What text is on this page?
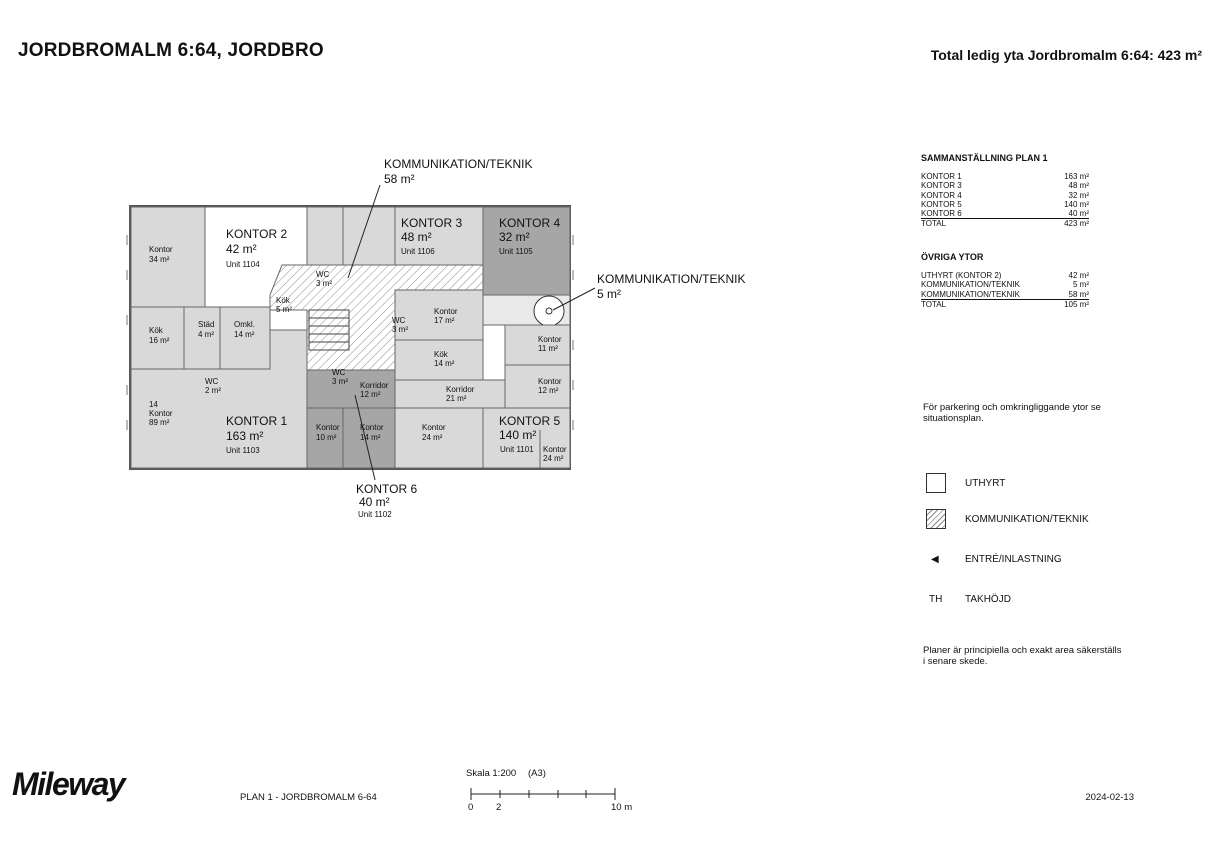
JORDBROMALM 6:64, JORDBRO	Total ledig yta Jordbromalm 6:64: 423 m²
KOMMUNIKATION/TEKNIK
58 m²
KOMMUNIKATION/TEKNIK
5 m²
KONTOR 6
40 m²
Unit 1102
KONTOR 2
42 m²
Unit 1104
KONTOR 3
48 m²
Unit 1106
KONTOR 4
32 m²
Unit 1105
KONTOR 1
163 m²
Unit 1103
KONTOR 5
140 m²
Unit 1101
Kontor
34 m²
Kök
16 m²
Städ
4 m²
Omkl.
14 m²
WC
2 m²
14
Kontor
89 m²
Kök
5 m²
WC
3 m²
WC
3 m²
WC
3 m²
Kontor
17 m²
Kök
14 m²
Korridor
12 m²
Korridor
21 m²
Kontor
10 m²
Kontor
14 m²
Kontor
24 m²
Kontor
24 m²
Kontor
11 m²
Kontor
12 m²
SAMMANSTÄLLNING PLAN 1
KONTOR 1	163 m²
KONTOR 3	48 m²
KONTOR 4	32 m²
KONTOR 5	140 m²
KONTOR 6	40 m²
TOTAL	423 m²
ÖVRIGA YTOR
UTHYRT (KONTOR 2)	42 m²
KOMMUNIKATION/TEKNIK	5 m²
KOMMUNIKATION/TEKNIK	58 m²
TOTAL	105 m²
För parkering och omkringliggande ytor se situationsplan.
UTHYRT
KOMMUNIKATION/TEKNIK
◀	ENTRÉ/INLASTNING
TH	TAKHÖJD
Planer är principiella och exakt area säkerställs i senare skede.
Mileway	PLAN 1 - JORDBROMALM 6-64
Skala 1:200 (A3)
0 2	10 m
2024-02-13
